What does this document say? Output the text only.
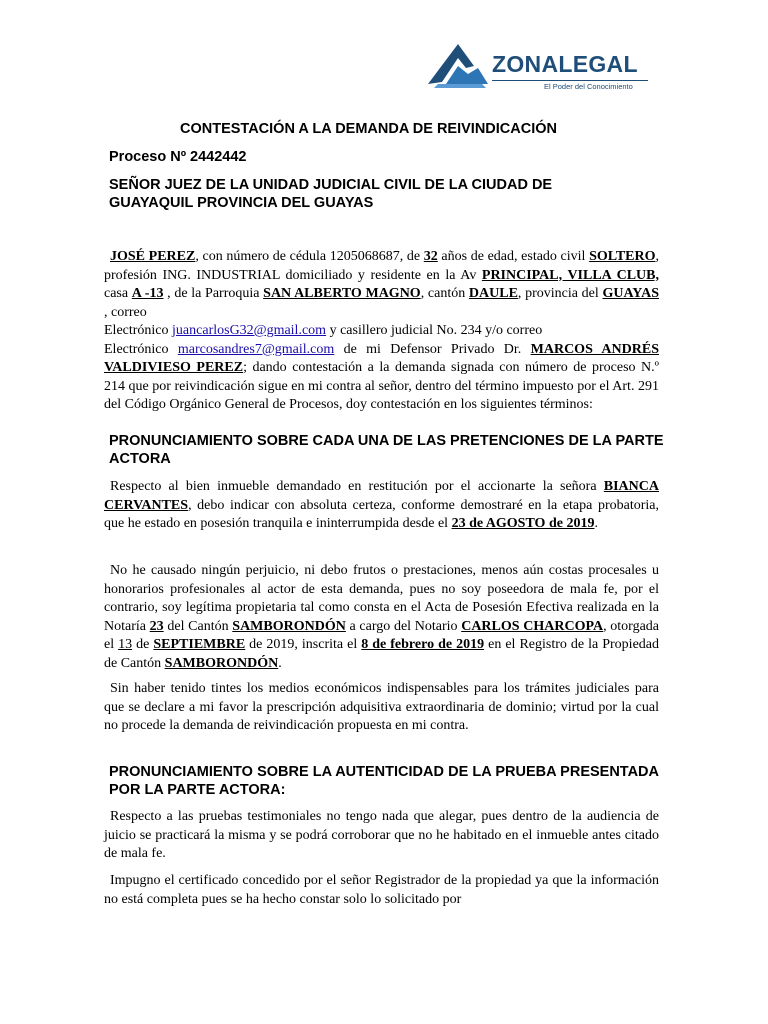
ZONALEGAL
El Poder del Conocimiento

CONTESTACIÓN A LA DEMANDA DE REIVINDICACIÓN

Proceso Nº 2442442

SEÑOR JUEZ DE LA UNIDAD JUDICIAL CIVIL DE LA CIUDAD DE GUAYAQUIL PROVINCIA DEL GUAYAS

JOSÉ PEREZ, con número de cédula 1205068687, de 32 años de edad, estado civil SOLTERO, profesión ING. INDUSTRIAL domiciliado y residente en la Av PRINCIPAL, VILLA CLUB, casa A -13 , de la Parroquia SAN ALBERTO MAGNO, cantón DAULE, provincia del GUAYAS , correo
Electrónico juancarlosG32@gmail.com y casillero judicial No. 234 y/o correo
Electrónico marcosandres7@gmail.com de mi Defensor Privado Dr. MARCOS ANDRÉS VALDIVIESO PEREZ; dando contestación a la demanda signada con número de proceso N.º 214 que por reivindicación sigue en mi contra al señor, dentro del término impuesto por el Art. 291 del Código Orgánico General de Procesos, doy contestación en los siguientes términos:

PRONUNCIAMIENTO SOBRE CADA UNA DE LAS PRETENCIONES DE LA PARTE ACTORA

Respecto al bien inmueble demandado en restitución por el accionarte la señora BIANCA CERVANTES, debo indicar con absoluta certeza, conforme demostraré en la etapa probatoria, que he estado en posesión tranquila e ininterrumpida desde el 23 de AGOSTO de 2019.

No he causado ningún perjuicio, ni debo frutos o prestaciones, menos aún costas procesales u honorarios profesionales al actor de esta demanda, pues no soy poseedora de mala fe, por el contrario, soy legítima propietaria tal como consta en el Acta de Posesión Efectiva realizada en la Notaría 23 del Cantón SAMBORONDÓN a cargo del Notario CARLOS CHARCOPA, otorgada el 13 de SEPTIEMBRE de 2019, inscrita el 8 de febrero de 2019 en el Registro de la Propiedad de Cantón SAMBORONDÓN.

Sin haber tenido tintes los medios económicos indispensables para los trámites judiciales para que se declare a mi favor la prescripción adquisitiva extraordinaria de dominio; virtud por la cual no procede la demanda de reivindicación propuesta en mi contra.

PRONUNCIAMIENTO SOBRE LA AUTENTICIDAD DE LA PRUEBA PRESENTADA POR LA PARTE ACTORA:

Respecto a las pruebas testimoniales no tengo nada que alegar, pues dentro de la audiencia de juicio se practicará la misma y se podrá corroborar que no he habitado en el inmueble antes citado de mala fe.

Impugno el certificado concedido por el señor Registrador de la propiedad ya que la información no está completa pues se ha hecho constar solo lo solicitado por
